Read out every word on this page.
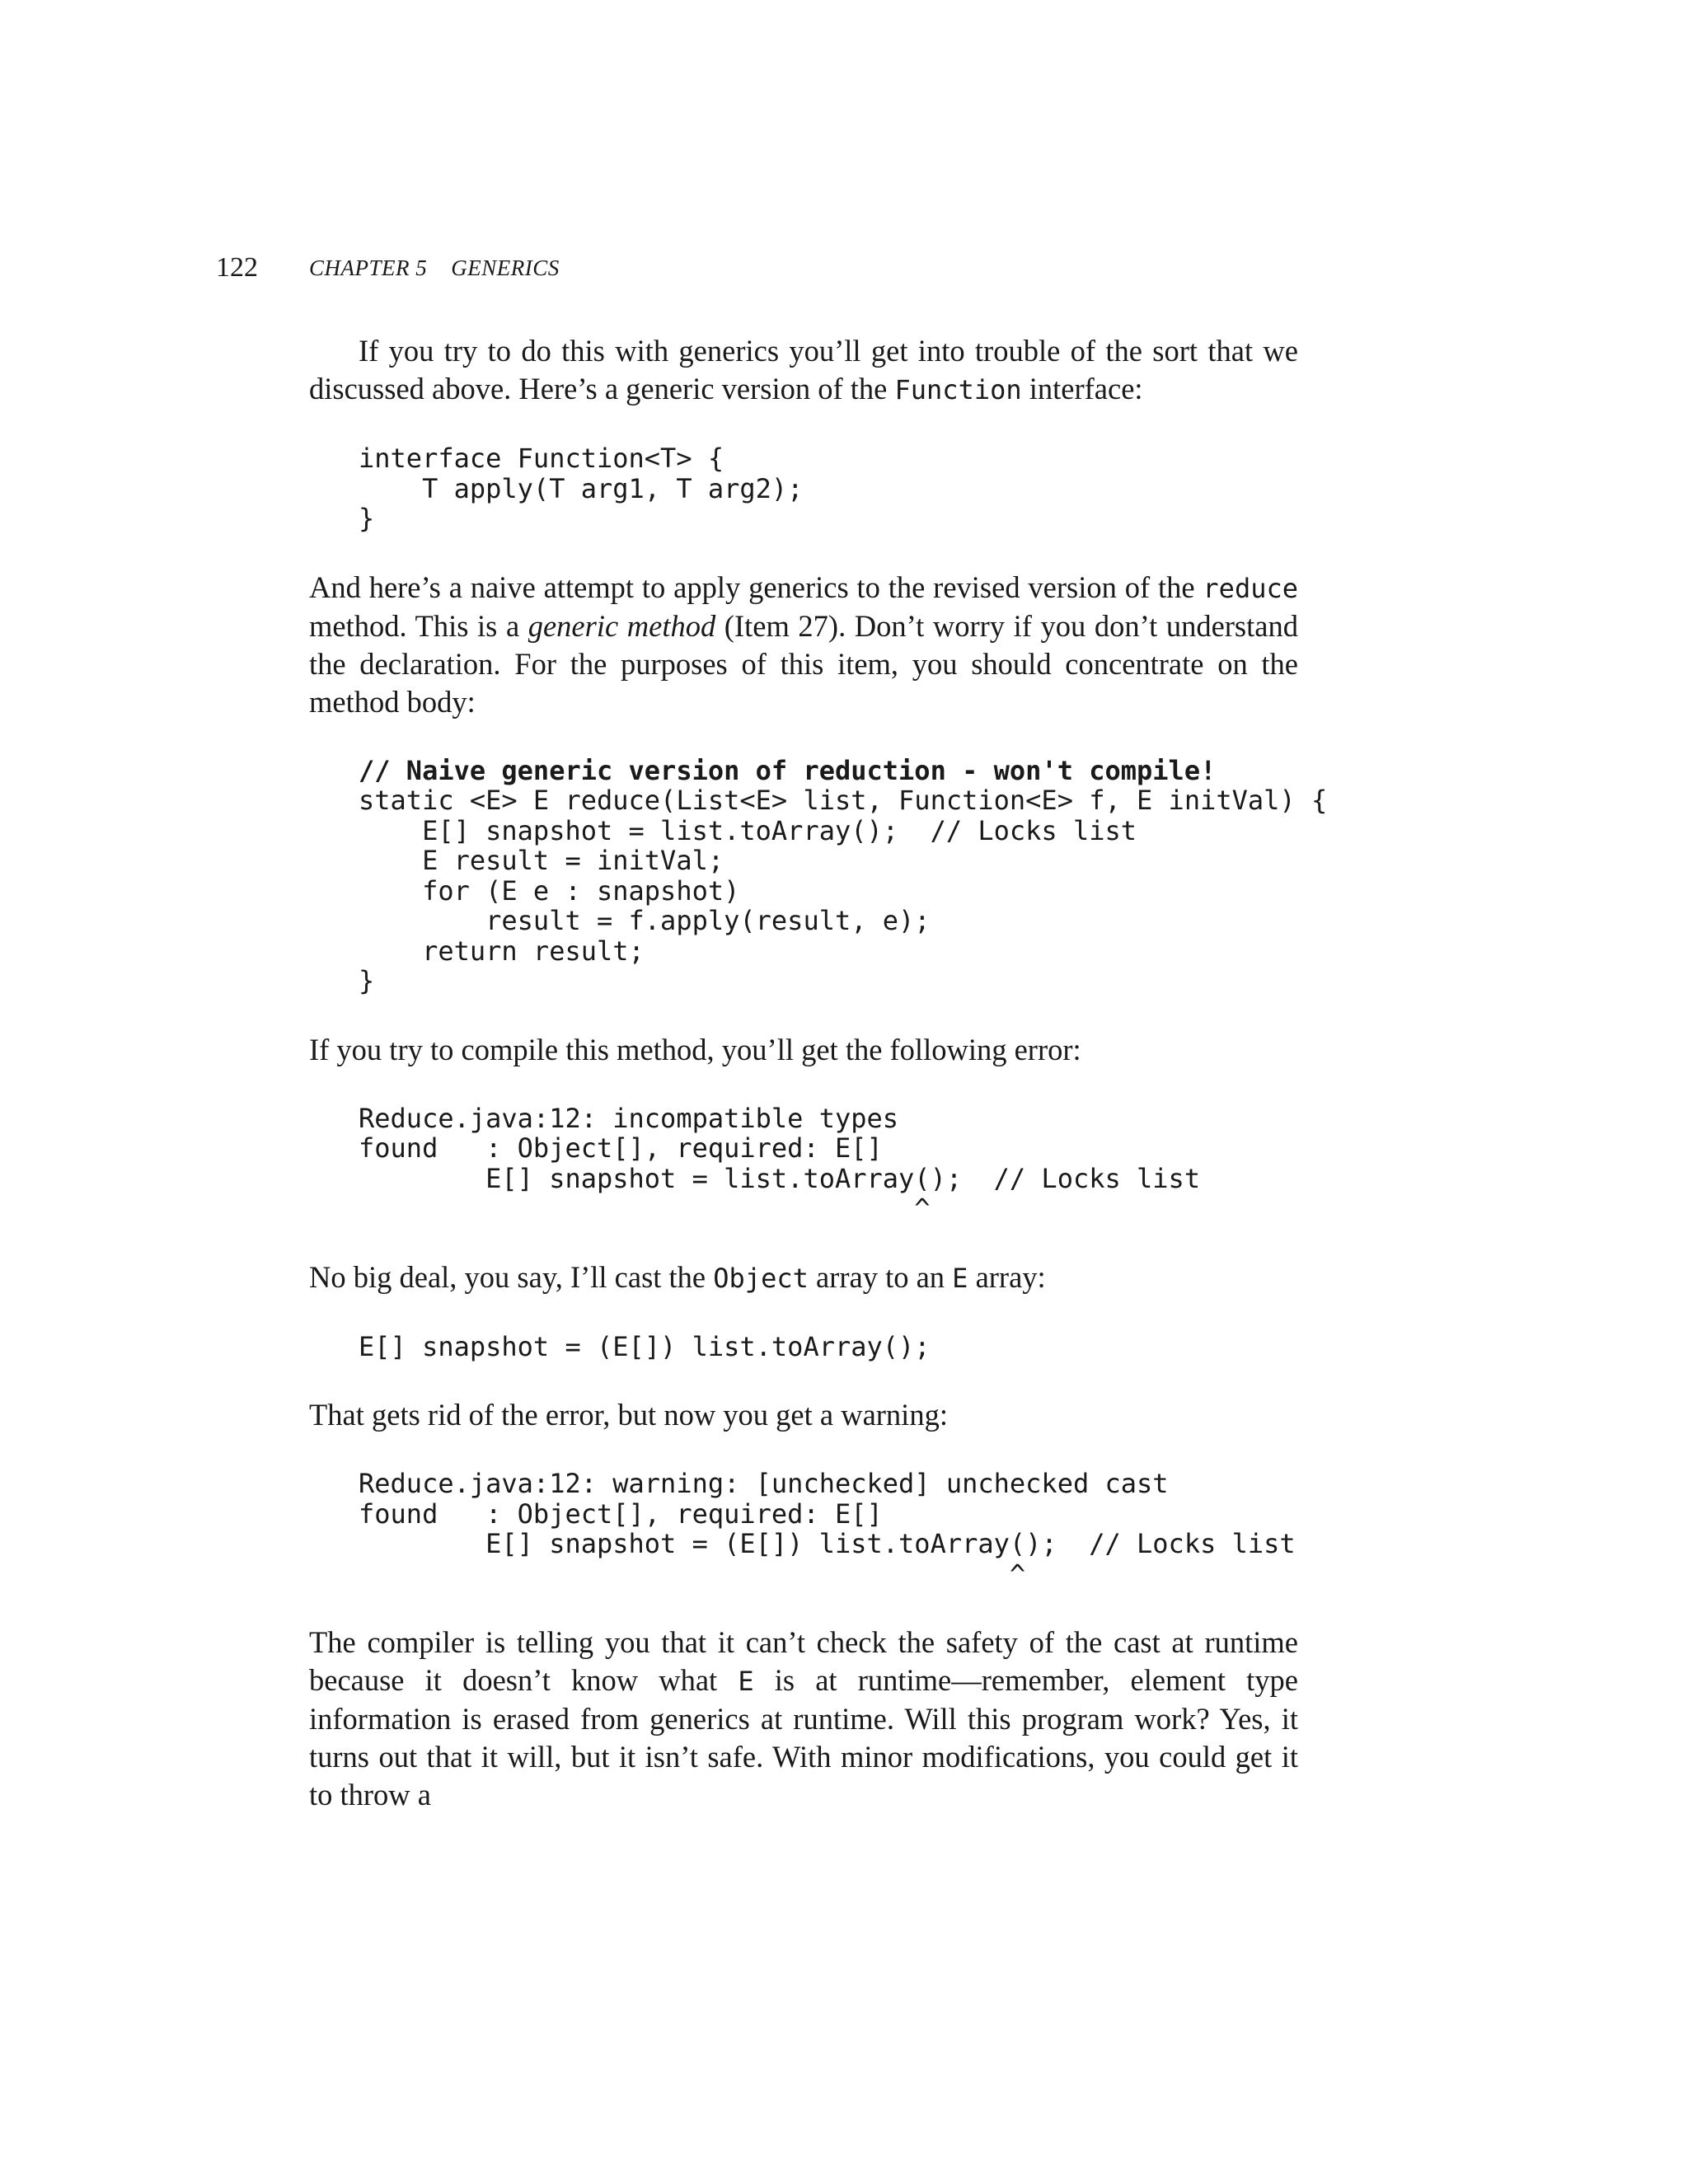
122 CHAPTER 5    GENERICS

If you try to do this with generics you’ll get into trouble of the sort that we discussed above. Here’s a generic version of the Function interface:

interface Function<T> {
T apply(T arg1, T arg2);
}

And here’s a naive attempt to apply generics to the revised version of the reduce method. This is a generic method (Item 27). Don’t worry if you don’t understand the declaration. For the purposes of this item, you should concentrate on the method body:

// Naive generic version of reduction - won't compile!
static <E> E reduce(List<E> list, Function<E> f, E initVal) {
E[] snapshot = list.toArray();  // Locks list
E result = initVal;
for (E e : snapshot)
result = f.apply(result, e);
return result;
}

If you try to compile this method, you’ll get the following error:

Reduce.java:12: incompatible types
found   : Object[], required: E[]
E[] snapshot = list.toArray();  // Locks list
^

No big deal, you say, I’ll cast the Object array to an E array:

E[] snapshot = (E[]) list.toArray();

That gets rid of the error, but now you get a warning:

Reduce.java:12: warning: [unchecked] unchecked cast
found   : Object[], required: E[]
E[] snapshot = (E[]) list.toArray();  // Locks list
^

The compiler is telling you that it can’t check the safety of the cast at runtime because it doesn’t know what E is at runtime—remember, element type information is erased from generics at runtime. Will this program work? Yes, it turns out that it will, but it isn’t safe. With minor modifications, you could get it to throw a
